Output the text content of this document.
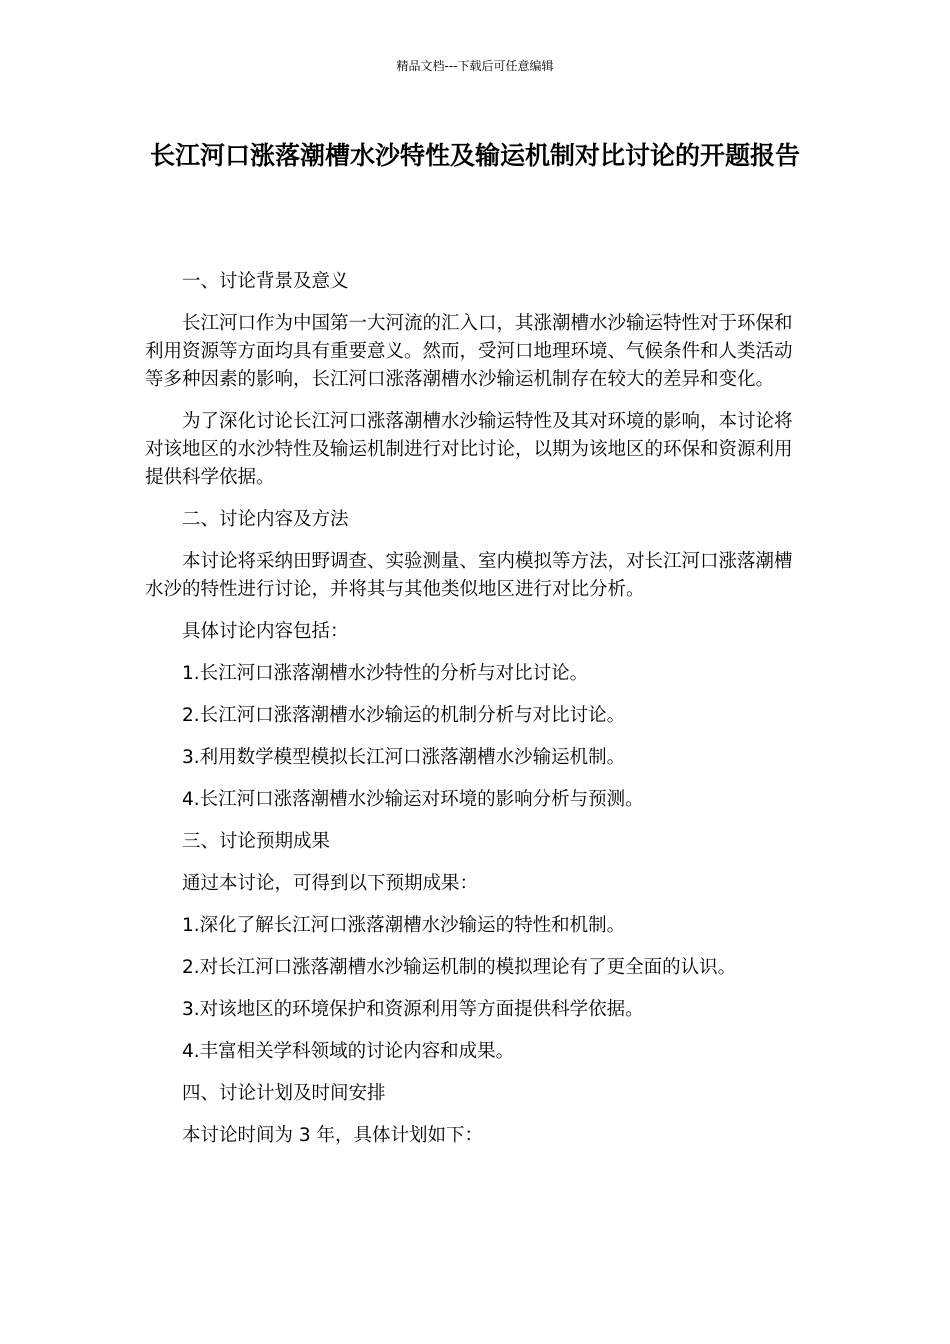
精品文档---下载后可任意编辑
长江河口涨落潮槽水沙特性及输运机制对比讨论的开题报告

一、讨论背景及意义

长江河口作为中国第一大河流的汇入口，其涨潮槽水沙输运特性对于环保和利用资源等方面均具有重要意义。然而，受河口地理环境、气候条件和人类活动等多种因素的影响，长江河口涨落潮槽水沙输运机制存在较大的差异和变化。

为了深化讨论长江河口涨落潮槽水沙输运特性及其对环境的影响，本讨论将对该地区的水沙特性及输运机制进行对比讨论，以期为该地区的环保和资源利用提供科学依据。

二、讨论内容及方法

本讨论将采纳田野调查、实验测量、室内模拟等方法，对长江河口涨落潮槽水沙的特性进行讨论，并将其与其他类似地区进行对比分析。

具体讨论内容包括：

1.长江河口涨落潮槽水沙特性的分析与对比讨论。

2.长江河口涨落潮槽水沙输运的机制分析与对比讨论。

3.利用数学模型模拟长江河口涨落潮槽水沙输运机制。

4.长江河口涨落潮槽水沙输运对环境的影响分析与预测。

三、讨论预期成果

通过本讨论，可得到以下预期成果：

1.深化了解长江河口涨落潮槽水沙输运的特性和机制。

2.对长江河口涨落潮槽水沙输运机制的模拟理论有了更全面的认识。

3.对该地区的环境保护和资源利用等方面提供科学依据。

4.丰富相关学科领域的讨论内容和成果。

四、讨论计划及时间安排

本讨论时间为 3 年，具体计划如下：
